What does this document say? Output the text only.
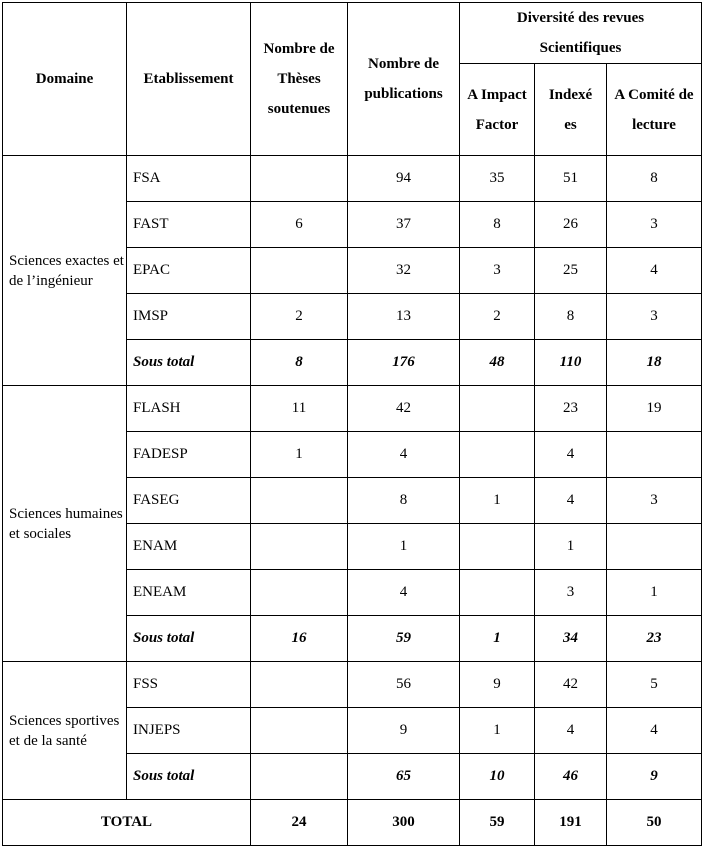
Domaine	Etablissement	Nombre de Thèses soutenues	Nombre de publications	Diversité des revues Scientifiques		
				A Impact Factor	Indexé es	A Comité de lecture
Sciences exactes et de l’ingénieur	FSA		94	35	51	8
	FAST	6	37	8	26	3
	EPAC		32	3	25	4
	IMSP	2	13	2	8	3
	Sous total	8	176	48	110	18
Sciences humaines et sociales	FLASH	11	42		23	19
	FADESP	1	4		4	
	FASEG		8	1	4	3
	ENAM		1		1	
	ENEAM		4		3	1
	Sous total	16	59	1	34	23
Sciences sportives et de la santé	FSS		56	9	42	5
	INJEPS		9	1	4	4
	Sous total		65	10	46	9
TOTAL		24	300	59	191	50
